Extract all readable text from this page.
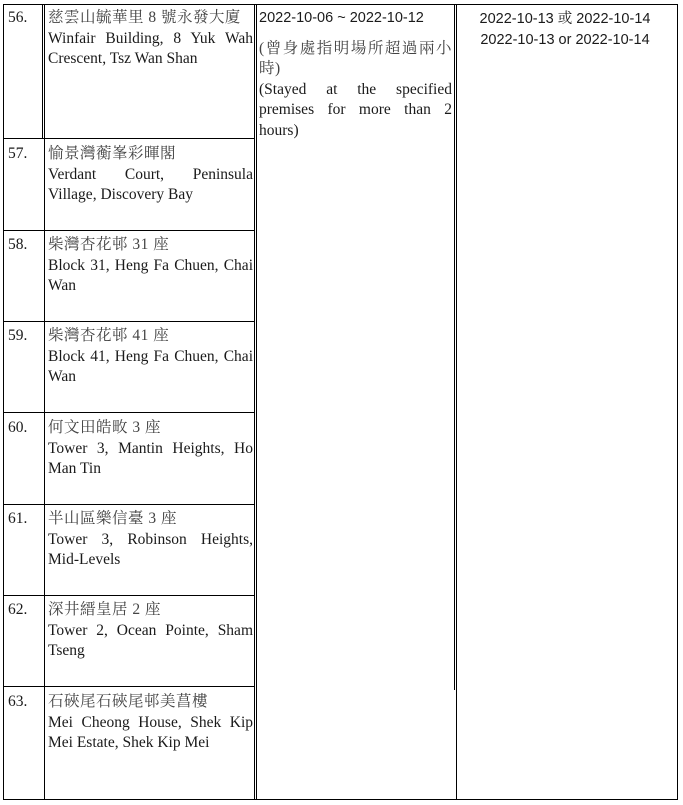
56. 慈雲山毓華里 8 號永發大廈
Winfair Building, 8 Yuk Wah Crescent, Tsz Wan Shan
57. 愉景灣蘅峯彩暉閣
Verdant Court, Peninsula Village, Discovery Bay
58. 柴灣杏花邨 31 座
Block 31, Heng Fa Chuen, Chai Wan
59. 柴灣杏花邨 41 座
Block 41, Heng Fa Chuen, Chai Wan
60. 何文田皓畋 3 座
Tower 3, Mantin Heights, Ho Man Tin
61. 半山區樂信臺 3 座
Tower 3, Robinson Heights, Mid-Levels
62. 深井縉皇居 2 座
Tower 2, Ocean Pointe, Sham Tseng
63. 石硤尾石硤尾邨美菖樓
Mei Cheong House, Shek Kip Mei Estate, Shek Kip Mei
2022-10-06 ~ 2022-10-12
(曾身處指明場所超過兩小時)
(Stayed at the specified premises for more than 2 hours)
2022-10-13 或 2022-10-14
2022-10-13 or 2022-10-14
